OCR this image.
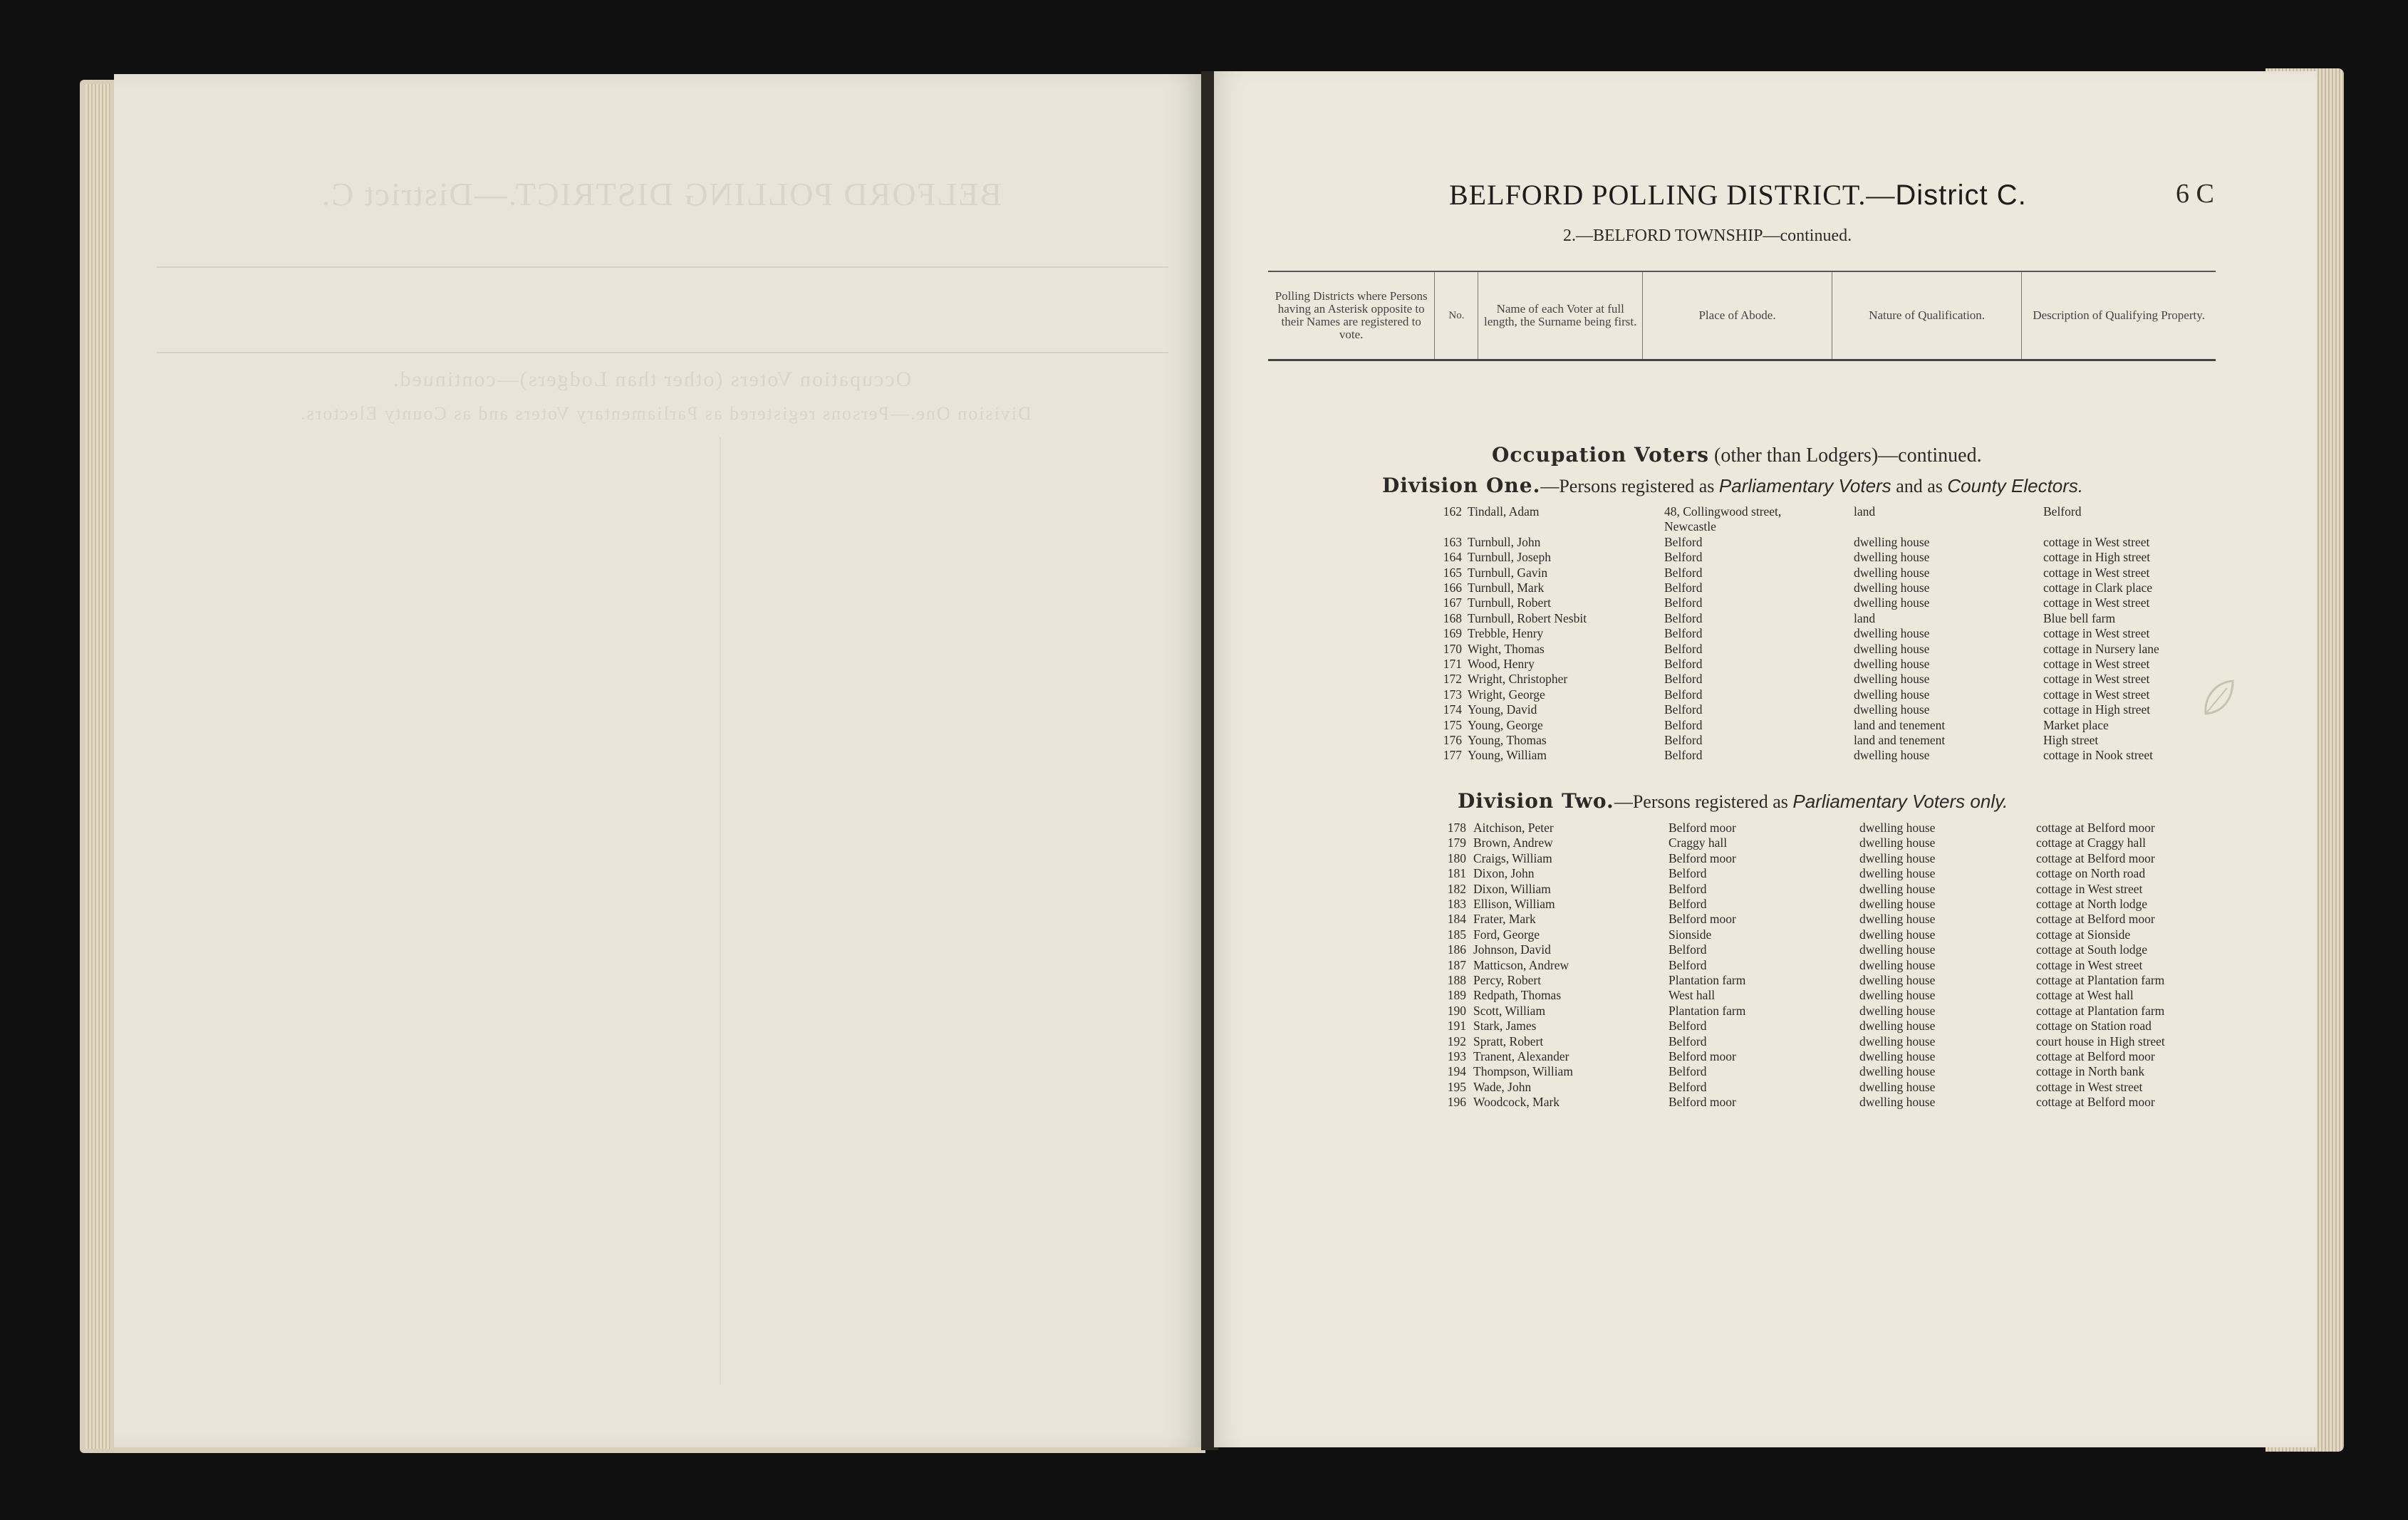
BELFORD POLLING DISTRICT.—District C.
Occupation Voters (other than Lodgers)—continued.
Division One.—Persons registered as Parliamentary Voters and as County Electors.
BELFORD POLLING DISTRICT.—District C.	6 C
2.—BELFORD TOWNSHIP—continued.
Polling Districts where Persons having an Asterisk opposite to their Names are registered to vote.
No.	Name of each Voter at full length, the Surname being first.	Place of Abode.	Nature of Qualification.	Description of Qualifying Property.
Occupation Voters (other than Lodgers)—continued.
Division One.—Persons registered as Parliamentary Voters and as County Electors.
162 Tindall, Adam	48, Collingwood street,	land	Belford
Newcastle
163 Turnbull, John	Belford	dwelling house	cottage in West street
164 Turnbull, Joseph	Belford	dwelling house	cottage in High street
165 Turnbull, Gavin	Belford	dwelling house	cottage in West street
166 Turnbull, Mark	Belford	dwelling house	cottage in Clark place
167 Turnbull, Robert	Belford	dwelling house	cottage in West street
168 Turnbull, Robert Nesbit	Belford	land	Blue bell farm
169 Trebble, Henry	Belford	dwelling house	cottage in West street
170 Wight, Thomas	Belford	dwelling house	cottage in Nursery lane
171 Wood, Henry	Belford	dwelling house	cottage in West street
172 Wright, Christopher	Belford	dwelling house	cottage in West street
173 Wright, George	Belford	dwelling house	cottage in West street
174 Young, David	Belford	dwelling house	cottage in High street
175 Young, George	Belford	land and tenement	Market place
176 Young, Thomas	Belford	land and tenement	High street
177 Young, William	Belford	dwelling house	cottage in Nook street
Division Two.—Persons registered as Parliamentary Voters only.
178 Aitchison, Peter	Belford moor	dwelling house	cottage at Belford moor
179 Brown, Andrew	Craggy hall	dwelling house	cottage at Craggy hall
180 Craigs, William	Belford moor	dwelling house	cottage at Belford moor
181 Dixon, John	Belford	dwelling house	cottage on North road
182 Dixon, William	Belford	dwelling house	cottage in West street
183 Ellison, William	Belford	dwelling house	cottage at North lodge
184 Frater, Mark	Belford moor	dwelling house	cottage at Belford moor
185 Ford, George	Sionside	dwelling house	cottage at Sionside
186 Johnson, David	Belford	dwelling house	cottage at South lodge
187 Matticson, Andrew	Belford	dwelling house	cottage in West street
188 Percy, Robert	Plantation farm	dwelling house	cottage at Plantation farm
189 Redpath, Thomas	West hall	dwelling house	cottage at West hall
190 Scott, William	Plantation farm	dwelling house	cottage at Plantation farm
191 Stark, James	Belford	dwelling house	cottage on Station road
192 Spratt, Robert	Belford	dwelling house	court house in High street
193 Tranent, Alexander	Belford moor	dwelling house	cottage at Belford moor
194 Thompson, William	Belford	dwelling house	cottage in North bank
195 Wade, John	Belford	dwelling house	cottage in West street
196 Woodcock, Mark	Belford moor	dwelling house	cottage at Belford moor
